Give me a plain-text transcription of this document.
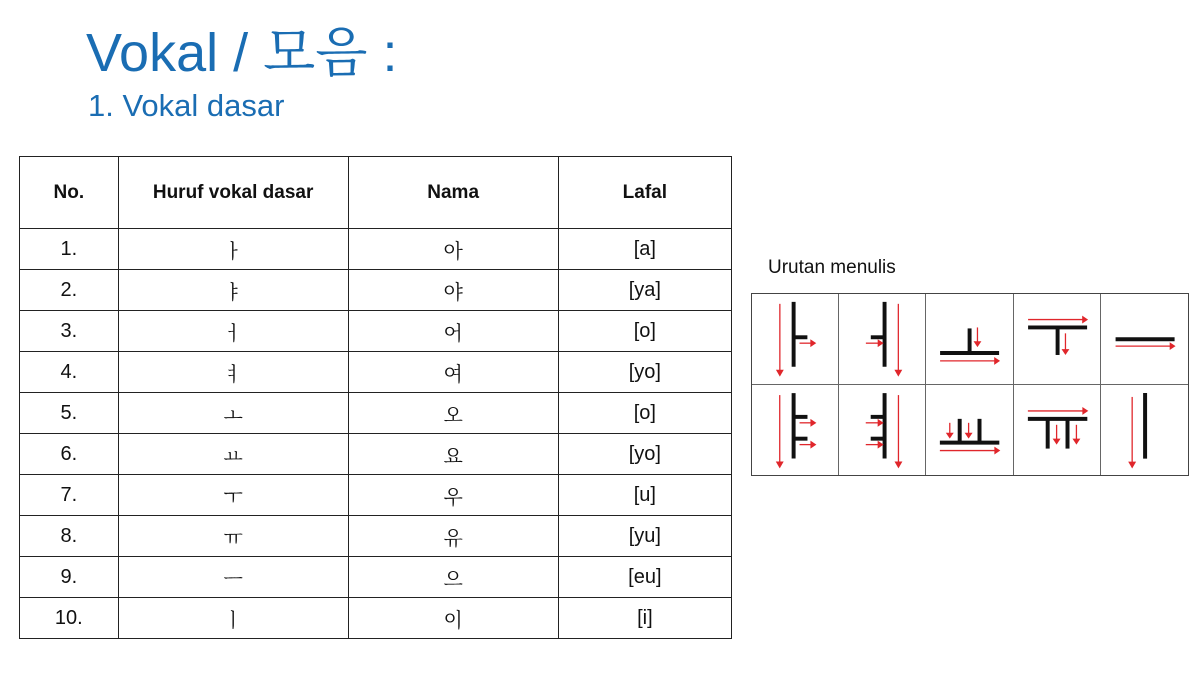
Vokal / 모음 :
1. Vokal dasar
No.	Huruf vokal dasar	Nama	Lafal
1.	ㅏ	아	[a]
2.	ㅑ	야	[ya]
3.	ㅓ	어	[o]
4.	ㅕ	여	[yo]
5.	ㅗ	오	[o]
6.	ㅛ	요	[yo]
7.	ㅜ	우	[u]
8.	ㅠ	유	[yu]
9.	ㅡ	으	[eu]
10.	ㅣ	이	[i]
Urutan menulis
